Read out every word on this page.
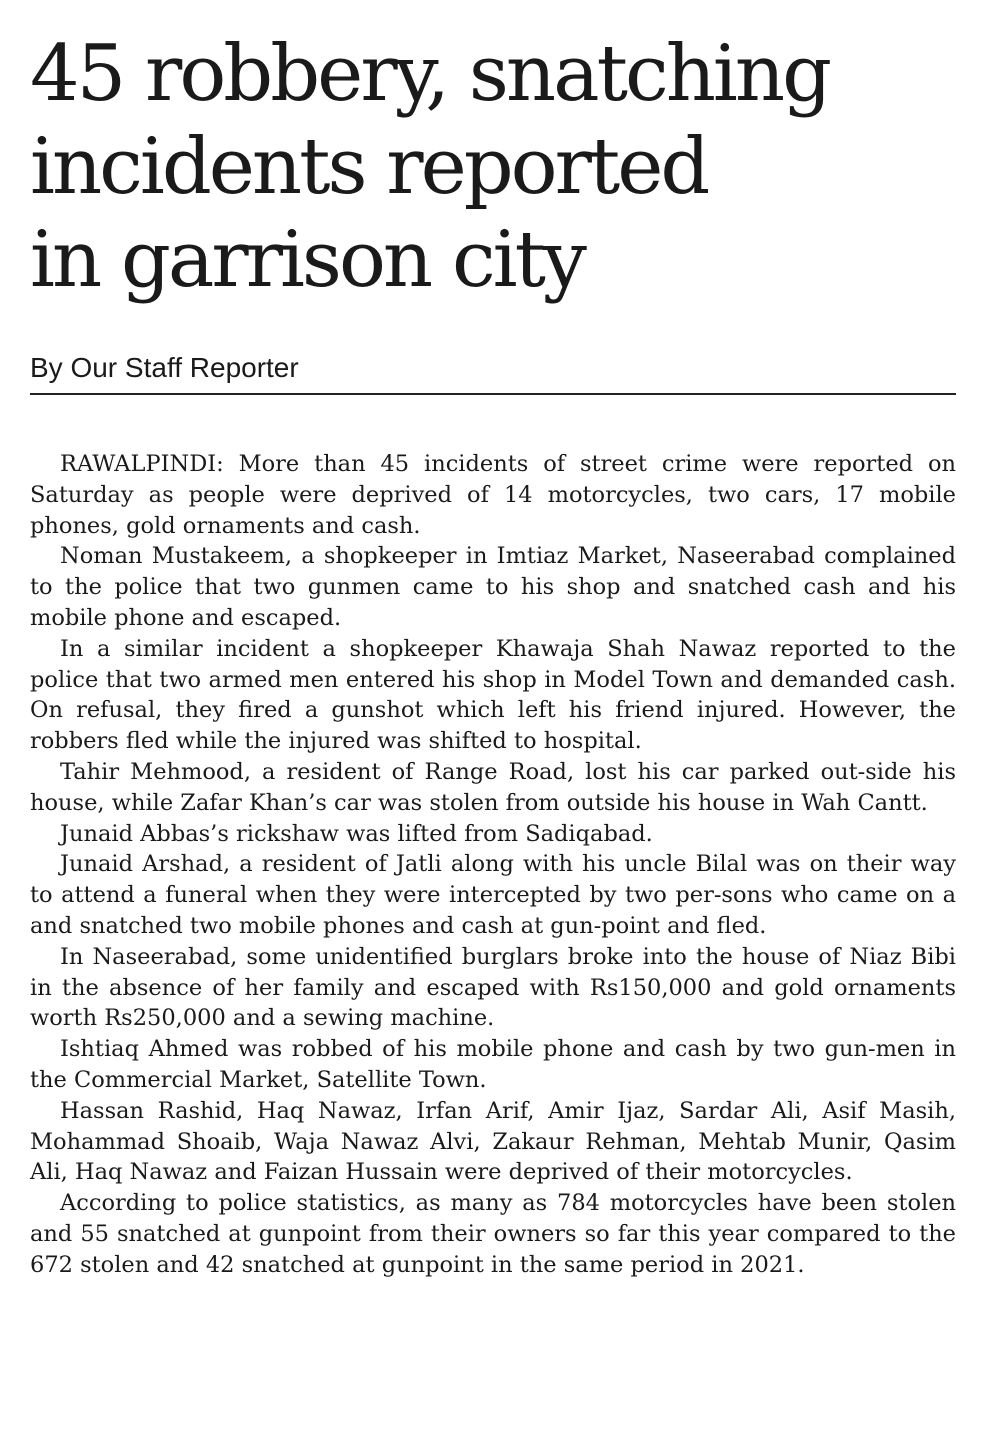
45 robbery, snatching
incidents reported
in garrison city
By Our Staff Reporter

RAWALPINDI: More than 45 incidents of street crime were reported on Saturday as people were deprived of 14 motorcycles, two cars, 17 mobile phones, gold ornaments and cash.

Noman Mustakeem, a shopkeeper in Imtiaz Market, Naseerabad complained to the police that two gunmen came to his shop and snatched cash and his mobile phone and escaped.

In a similar incident a shopkeeper Khawaja Shah Nawaz reported to the police that two armed men entered his shop in Model Town and demanded cash. On refusal, they fired a gunshot which left his friend injured. However, the robbers fled while the injured was shifted to hospital.

Tahir Mehmood, a resident of Range Road, lost his car parked out-side his house, while Zafar Khan’s car was stolen from outside his house in Wah Cantt.

Junaid Abbas’s rickshaw was lifted from Sadiqabad.

Junaid Arshad, a resident of Jatli along with his uncle Bilal was on their way to attend a funeral when they were intercepted by two per-sons who came on a and snatched two mobile phones and cash at gun-point and fled.

In Naseerabad, some unidentified burglars broke into the house of Niaz Bibi in the absence of her family and escaped with Rs150,000 and gold ornaments worth Rs250,000 and a sewing machine.

Ishtiaq Ahmed was robbed of his mobile phone and cash by two gun-men in the Commercial Market, Satellite Town.

Hassan Rashid, Haq Nawaz, Irfan Arif, Amir Ijaz, Sardar Ali, Asif Masih, Mohammad Shoaib, Waja Nawaz Alvi, Zakaur Rehman, Mehtab Munir, Qasim Ali, Haq Nawaz and Faizan Hussain were deprived of their motorcycles.

According to police statistics, as many as 784 motorcycles have been stolen and 55 snatched at gunpoint from their owners so far this year compared to the 672 stolen and 42 snatched at gunpoint in the same period in 2021.
